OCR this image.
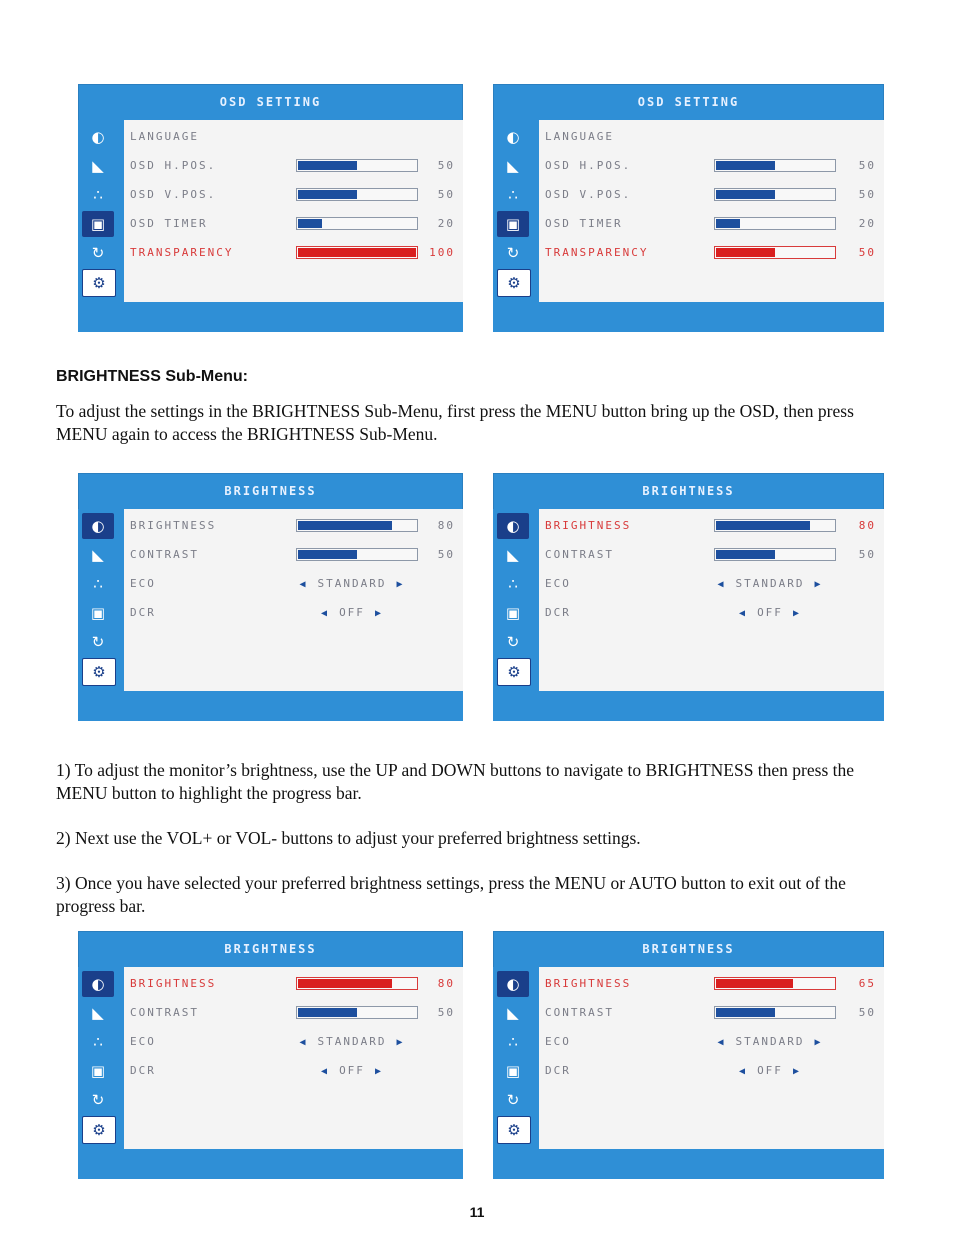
OSD SETTING
◐
◣
∴
▣
↻
⚙
LANGUAGE
OSD H.POS.	50
OSD V.POS.	50
OSD TIMER	20
TRANSPARENCY	100
OSD SETTING
◐
◣
∴
▣
↻
⚙
LANGUAGE
OSD H.POS.	50
OSD V.POS.	50
OSD TIMER	20
TRANSPARENCY	50
BRIGHTNESS
◐
◣
∴
▣
↻
⚙
BRIGHTNESS	80
CONTRAST	50
ECO	◀ STANDARD ▶
DCR	◀ OFF ▶
BRIGHTNESS
◐
◣
∴
▣
↻
⚙
BRIGHTNESS	80
CONTRAST	50
ECO	◀ STANDARD ▶
DCR	◀ OFF ▶
BRIGHTNESS
◐
◣
∴
▣
↻
⚙
BRIGHTNESS	80
CONTRAST	50
ECO	◀ STANDARD ▶
DCR	◀ OFF ▶
BRIGHTNESS
◐
◣
∴
▣
↻
⚙
BRIGHTNESS	65
CONTRAST	50
ECO	◀ STANDARD ▶
DCR	◀ OFF ▶
BRIGHTNESS Sub-Menu:
To adjust the settings in the BRIGHTNESS Sub-Menu, first press the MENU button bring up the OSD, then press MENU again to access the BRIGHTNESS Sub-Menu.
1) To adjust the monitor’s brightness, use the UP and DOWN buttons to navigate to BRIGHTNESS then press the MENU button to highlight the progress bar.
2) Next use the VOL+ or VOL- buttons to adjust your preferred brightness settings.
3) Once you have selected your preferred brightness settings, press the MENU or AUTO button to exit out of the progress bar.
11
